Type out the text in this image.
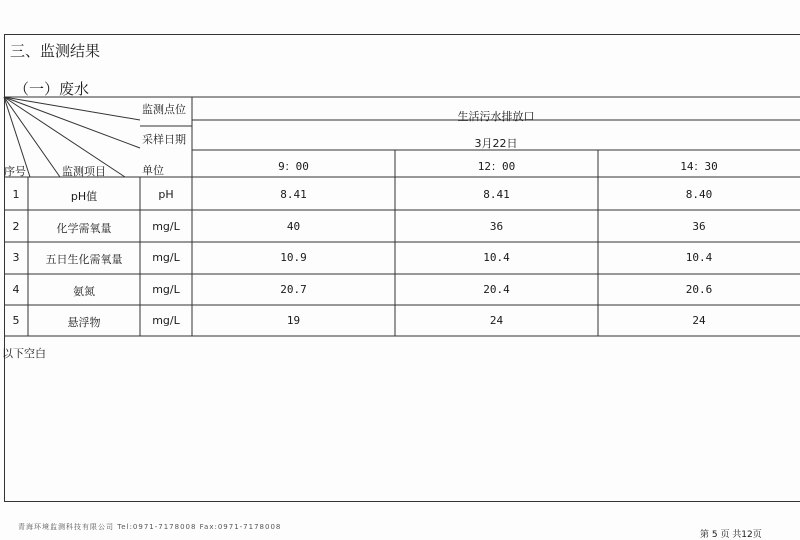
三、监测结果
（一）废水
监测点位
生活污水排放口
采样日期	3月22日
序号	监测项目	单位	9：00	12：00	14：30
1	pH值	pH	8.41	8.41	8.40
2	化学需氧量	mg/L	40	36	36
3	五日生化需氧量	mg/L	10.9	10.4	10.4
4	氨氮	mg/L	20.7	20.4	20.6
5	悬浮物	mg/L	19	24	24
以下空白
青海环境监测科技有限公司 Tel:0971-7178008 Fax:0971-7178008
第 5 页 共12页
